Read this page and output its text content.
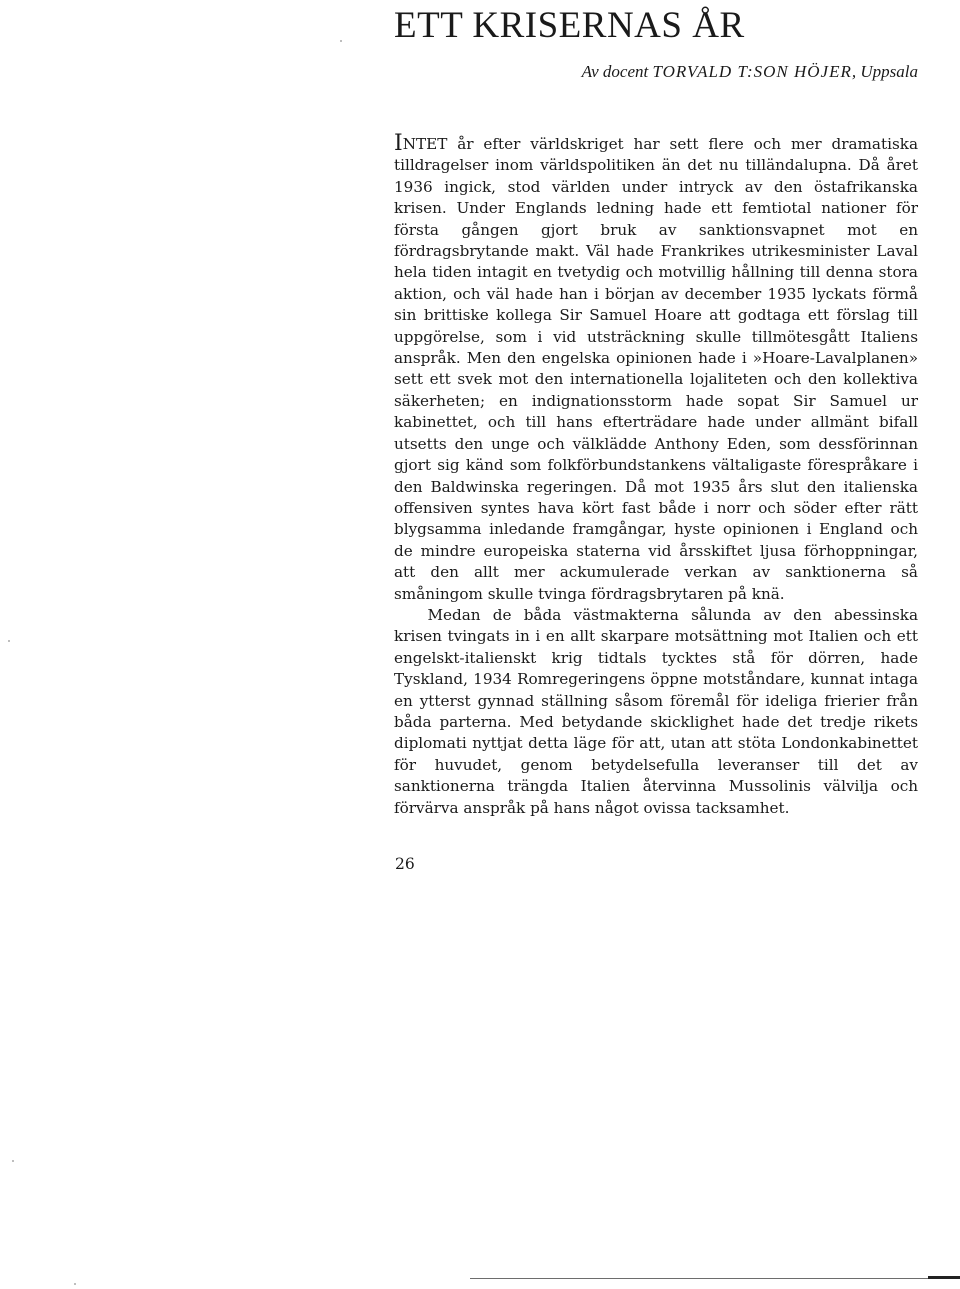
ETT KRISERNAS ÅR
Av docent TORVALD T:SON HÖJER, Uppsala

INTET år efter världskriget har sett flere och mer dramatiska tilldragelser inom världspolitiken än det nu tilländalupna. Då året 1936 ingick, stod världen under intryck av den östafrikanska krisen. Under Englands ledning hade ett femtiotal nationer för första gången gjort bruk av sanktionsvapnet mot en fördragsbrytande makt. Väl hade Frankrikes utrikesminister Laval hela tiden intagit en tvetydig och motvillig hållning till denna stora aktion, och väl hade han i början av december 1935 lyckats förmå sin brittiske kollega Sir Samuel Hoare att godtaga ett förslag till uppgörelse, som i vid utsträckning skulle tillmötesgått Italiens anspråk. Men den engelska opinionen hade i »Hoare-Lavalplanen» sett ett svek mot den internationella lojaliteten och den kollektiva säkerheten; en indignationsstorm hade sopat Sir Samuel ur kabinettet, och till hans efterträdare hade under allmänt bifall utsetts den unge och välklädde Anthony Eden, som dessförinnan gjort sig känd som folkförbundstankens vältaligaste förespråkare i den Baldwinska regeringen. Då mot 1935 års slut den italienska offensiven syntes hava kört fast både i norr och söder efter rätt blygsamma inledande framgångar, hyste opinionen i England och de mindre europeiska staterna vid årsskiftet ljusa förhoppningar, att den allt mer ackumulerade verkan av sanktionerna så småningom skulle tvinga fördragsbrytaren på knä.

Medan de båda västmakterna sålunda av den abessinska krisen tvingats in i en allt skarpare motsättning mot Italien och ett engelskt-italienskt krig tidtals tycktes stå för dörren, hade Tyskland, 1934 Romregeringens öppne motståndare, kunnat intaga en ytterst gynnad ställning såsom föremål för ideliga frierier från båda parterna. Med betydande skicklighet hade det tredje rikets diplomati nyttjat detta läge för att, utan att stöta Londonkabinettet för huvudet, genom betydelsefulla leveranser till det av sanktionerna trängda Italien återvinna Mussolinis välvilja och förvärva anspråk på hans något ovissa tacksamhet.

26
